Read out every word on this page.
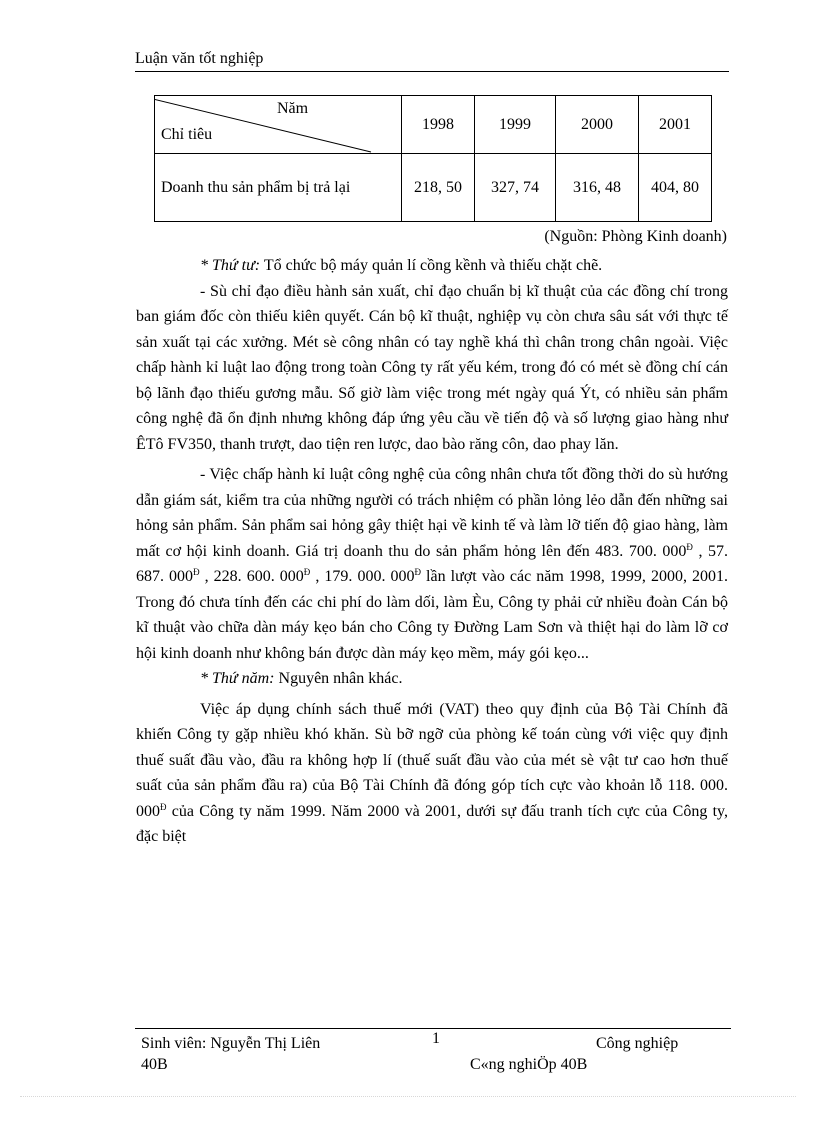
Luận văn tốt nghiệp
Năm
Chỉ tiêu	1998	1999	2000	2001
Doanh thu sản phẩm bị trả lại	218, 50	327, 74	316, 48	404, 80
(Nguồn: Phòng Kinh doanh)

* Thứ tư: Tổ chức bộ máy quản lí cồng kềnh và thiếu chặt chẽ.

- Sù chỉ đạo điều hành sản xuất, chỉ đạo chuẩn bị kĩ thuật của các đồng chí trong ban giám đốc còn thiếu kiên quyết. Cán bộ kĩ thuật, nghiệp vụ còn chưa sâu sát với thực tế sản xuất tại các xưởng. Mét sè công nhân có tay nghề khá thì chân trong chân ngoài. Việc chấp hành kỉ luật lao động trong toàn Công ty rất yếu kém, trong đó có mét sè đồng chí cán bộ lãnh đạo thiếu gương mẫu. Số giờ làm việc trong mét ngày quá Ýt, có nhiều sản phẩm công nghệ đã ổn định nhưng không đáp ứng yêu cầu về tiến độ và số lượng giao hàng như ÊTô FV350, thanh trượt, dao tiện ren lược, dao bào răng côn, dao phay lăn.

- Việc chấp hành kỉ luật công nghệ của công nhân chưa tốt đồng thời do sù hướng dẫn giám sát, kiểm tra của những người có trách nhiệm có phần lỏng lẻo dẫn đến những sai hỏng sản phẩm. Sản phẩm sai hỏng gây thiệt hại về kinh tế và làm lỡ tiến độ giao hàng, làm mất cơ hội kinh doanh. Giá trị doanh thu do sản phẩm hỏng lên đến 483. 700. $000^Đ$ , 57. 687. $000^Đ$ , 228. 600. $000^Đ$ , 179. 000. $000^Đ$ lần lượt vào các năm 1998, 1999, 2000, 2001. Trong đó chưa tính đến các chi phí do làm dối, làm Èu, Công ty phải cử nhiều đoàn Cán bộ kĩ thuật vào chữa dàn máy kẹo bán cho Công ty Đường Lam Sơn và thiệt hại do làm lỡ cơ hội kinh doanh như không bán được dàn máy kẹo mềm, máy gói kẹo...

* Thứ năm: Nguyên nhân khác.

Việc áp dụng chính sách thuế mới (VAT) theo quy định của Bộ Tài Chính đã khiến Công ty gặp nhiều khó khăn. Sù bỡ ngỡ của phòng kế toán cùng với việc quy định thuế suất đầu vào, đầu ra không hợp lí (thuế suất đầu vào của mét sè vật tư cao hơn thuế suất của sản phẩm đầu ra) của Bộ Tài Chính đã đóng góp tích cực vào khoản lỗ 118. 000. $000^Đ$ của Công ty năm 1999. Năm 2000 và 2001, dưới sự đấu tranh tích cực của Công ty, đặc biệt

Sinh viên: Nguyễn Thị Liên
40B
1	Công nghiệp
C«ng nghiÖp 40B
